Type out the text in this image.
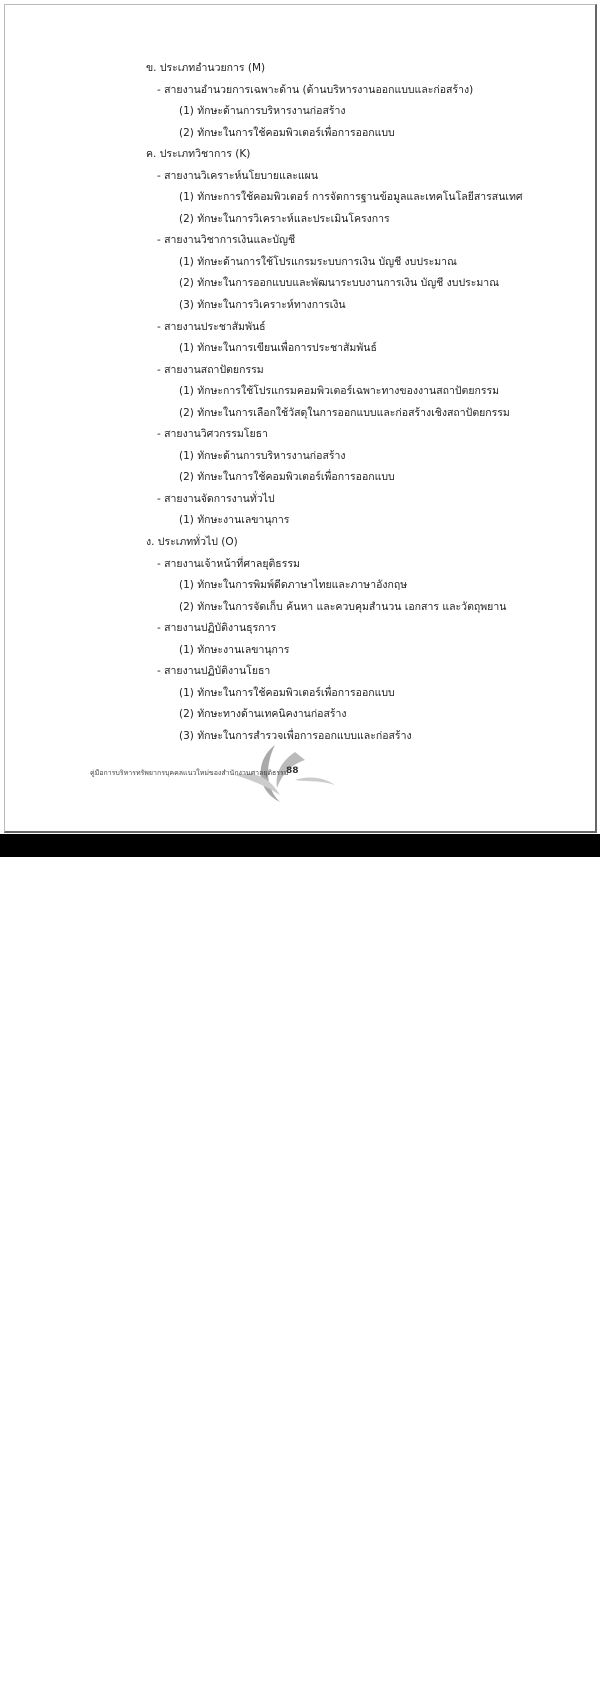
ข. ประเภทอำนวยการ (M)
- สายงานอำนวยการเฉพาะด้าน (ด้านบริหารงานออกแบบและก่อสร้าง)
(1) ทักษะด้านการบริหารงานก่อสร้าง
(2) ทักษะในการใช้คอมพิวเตอร์เพื่อการออกแบบ
ค. ประเภทวิชาการ (K)
- สายงานวิเคราะห์นโยบายและแผน
(1) ทักษะการใช้คอมพิวเตอร์ การจัดการฐานข้อมูลและเทคโนโลยีสารสนเทศ
(2) ทักษะในการวิเคราะห์และประเมินโครงการ
- สายงานวิชาการเงินและบัญชี
(1) ทักษะด้านการใช้โปรแกรมระบบการเงิน บัญชี งบประมาณ
(2) ทักษะในการออกแบบและพัฒนาระบบงานการเงิน บัญชี งบประมาณ
(3) ทักษะในการวิเคราะห์ทางการเงิน
- สายงานประชาสัมพันธ์
(1) ทักษะในการเขียนเพื่อการประชาสัมพันธ์
- สายงานสถาปัตยกรรม
(1) ทักษะการใช้โปรแกรมคอมพิวเตอร์เฉพาะทางของงานสถาปัตยกรรม
(2) ทักษะในการเลือกใช้วัสดุในการออกแบบและก่อสร้างเชิงสถาปัตยกรรม
- สายงานวิศวกรรมโยธา
(1) ทักษะด้านการบริหารงานก่อสร้าง
(2) ทักษะในการใช้คอมพิวเตอร์เพื่อการออกแบบ
- สายงานจัดการงานทั่วไป
(1) ทักษะงานเลขานุการ
ง. ประเภททั่วไป (O)
- สายงานเจ้าหน้าที่ศาลยุติธรรม
(1) ทักษะในการพิมพ์ดีดภาษาไทยและภาษาอังกฤษ
(2) ทักษะในการจัดเก็บ ค้นหา และควบคุมสำนวน เอกสาร และวัตถุพยาน
- สายงานปฏิบัติงานธุรการ
(1) ทักษะงานเลขานุการ
- สายงานปฏิบัติงานโยธา
(1) ทักษะในการใช้คอมพิวเตอร์เพื่อการออกแบบ
(2) ทักษะทางด้านเทคนิคงานก่อสร้าง
(3) ทักษะในการสำรวจเพื่อการออกแบบและก่อสร้าง
คู่มือการบริหารทรัพยากรบุคคลแนวใหม่ของสำนักงานศาลยุติธรรม
88
[1276x1789] https://upic.me/
